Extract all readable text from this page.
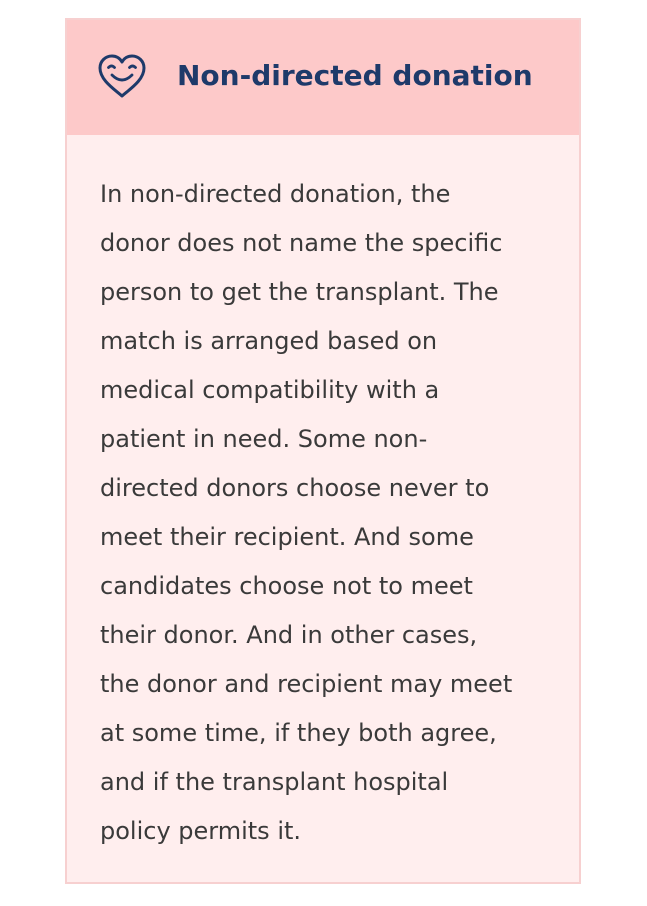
Non-directed donation

In non-directed donation, the
donor does not name the specific
person to get the transplant. The
match is arranged based on
medical compatibility with a
patient in need. Some non-
directed donors choose never to
meet their recipient. And some
candidates choose not to meet
their donor. And in other cases,
the donor and recipient may meet
at some time, if they both agree,
and if the transplant hospital
policy permits it.
